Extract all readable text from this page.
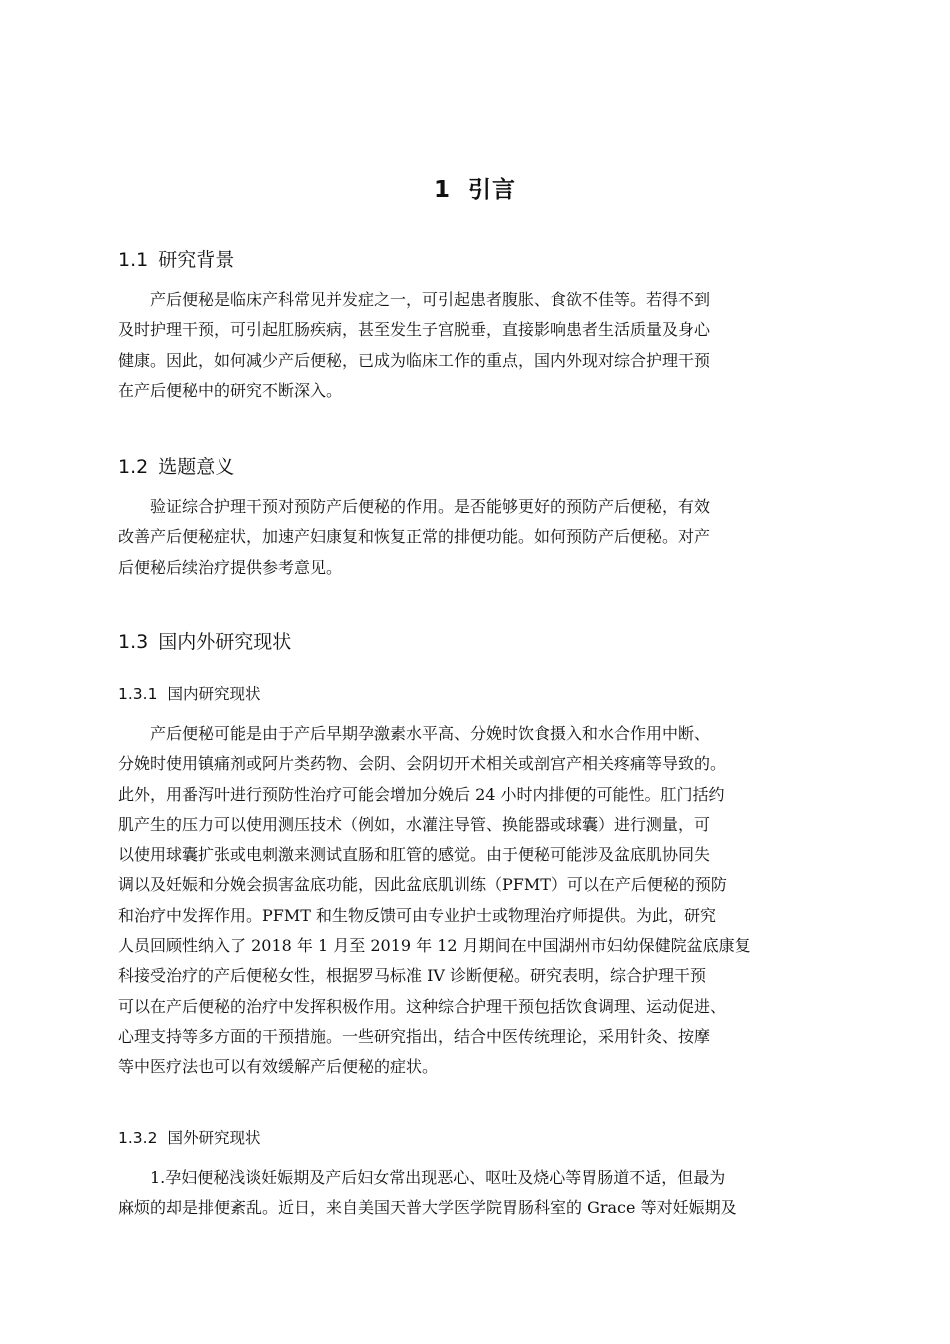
1 引言
1.1 研究背景

产后便秘是临床产科常见并发症之一，可引起患者腹胀、食欲不佳等。若得不到
及时护理干预，可引起肛肠疾病，甚至发生子宫脱垂，直接影响患者生活质量及身心
健康。因此，如何减少产后便秘，已成为临床工作的重点，国内外现对综合护理干预
在产后便秘中的研究不断深入。

1.2 选题意义

验证综合护理干预对预防产后便秘的作用。是否能够更好的预防产后便秘，有效
改善产后便秘症状，加速产妇康复和恢复正常的排便功能。如何预防产后便秘。对产
后便秘后续治疗提供参考意见。

1.3 国内外研究现状
1.3.1 国内研究现状

产后便秘可能是由于产后早期孕激素水平高、分娩时饮食摄入和水合作用中断、
分娩时使用镇痛剂或阿片类药物、会阴、会阴切开术相关或剖宫产相关疼痛等导致的。
此外，用番泻叶进行预防性治疗可能会增加分娩后 24 小时内排便的可能性。肛门括约
肌产生的压力可以使用测压技术（例如，水灌注导管、换能器或球囊）进行测量，可
以使用球囊扩张或电刺激来测试直肠和肛管的感觉。由于便秘可能涉及盆底肌协同失
调以及妊娠和分娩会损害盆底功能，因此盆底肌训练（PFMT）可以在产后便秘的预防
和治疗中发挥作用。PFMT 和生物反馈可由专业护士或物理治疗师提供。为此，研究
人员回顾性纳入了 2018 年 1 月至 2019 年 12 月期间在中国湖州市妇幼保健院盆底康复
科接受治疗的产后便秘女性，根据罗马标准 IV 诊断便秘。研究表明，综合护理干预
可以在产后便秘的治疗中发挥积极作用。这种综合护理干预包括饮食调理、运动促进、
心理支持等多方面的干预措施。一些研究指出，结合中医传统理论，采用针灸、按摩
等中医疗法也可以有效缓解产后便秘的症状。

1.3.2 国外研究现状

1.孕妇便秘浅谈妊娠期及产后妇女常出现恶心、呕吐及烧心等胃肠道不适，但最为
麻烦的却是排便紊乱。近日，来自美国天普大学医学院胃肠科室的 Grace 等对妊娠期及
